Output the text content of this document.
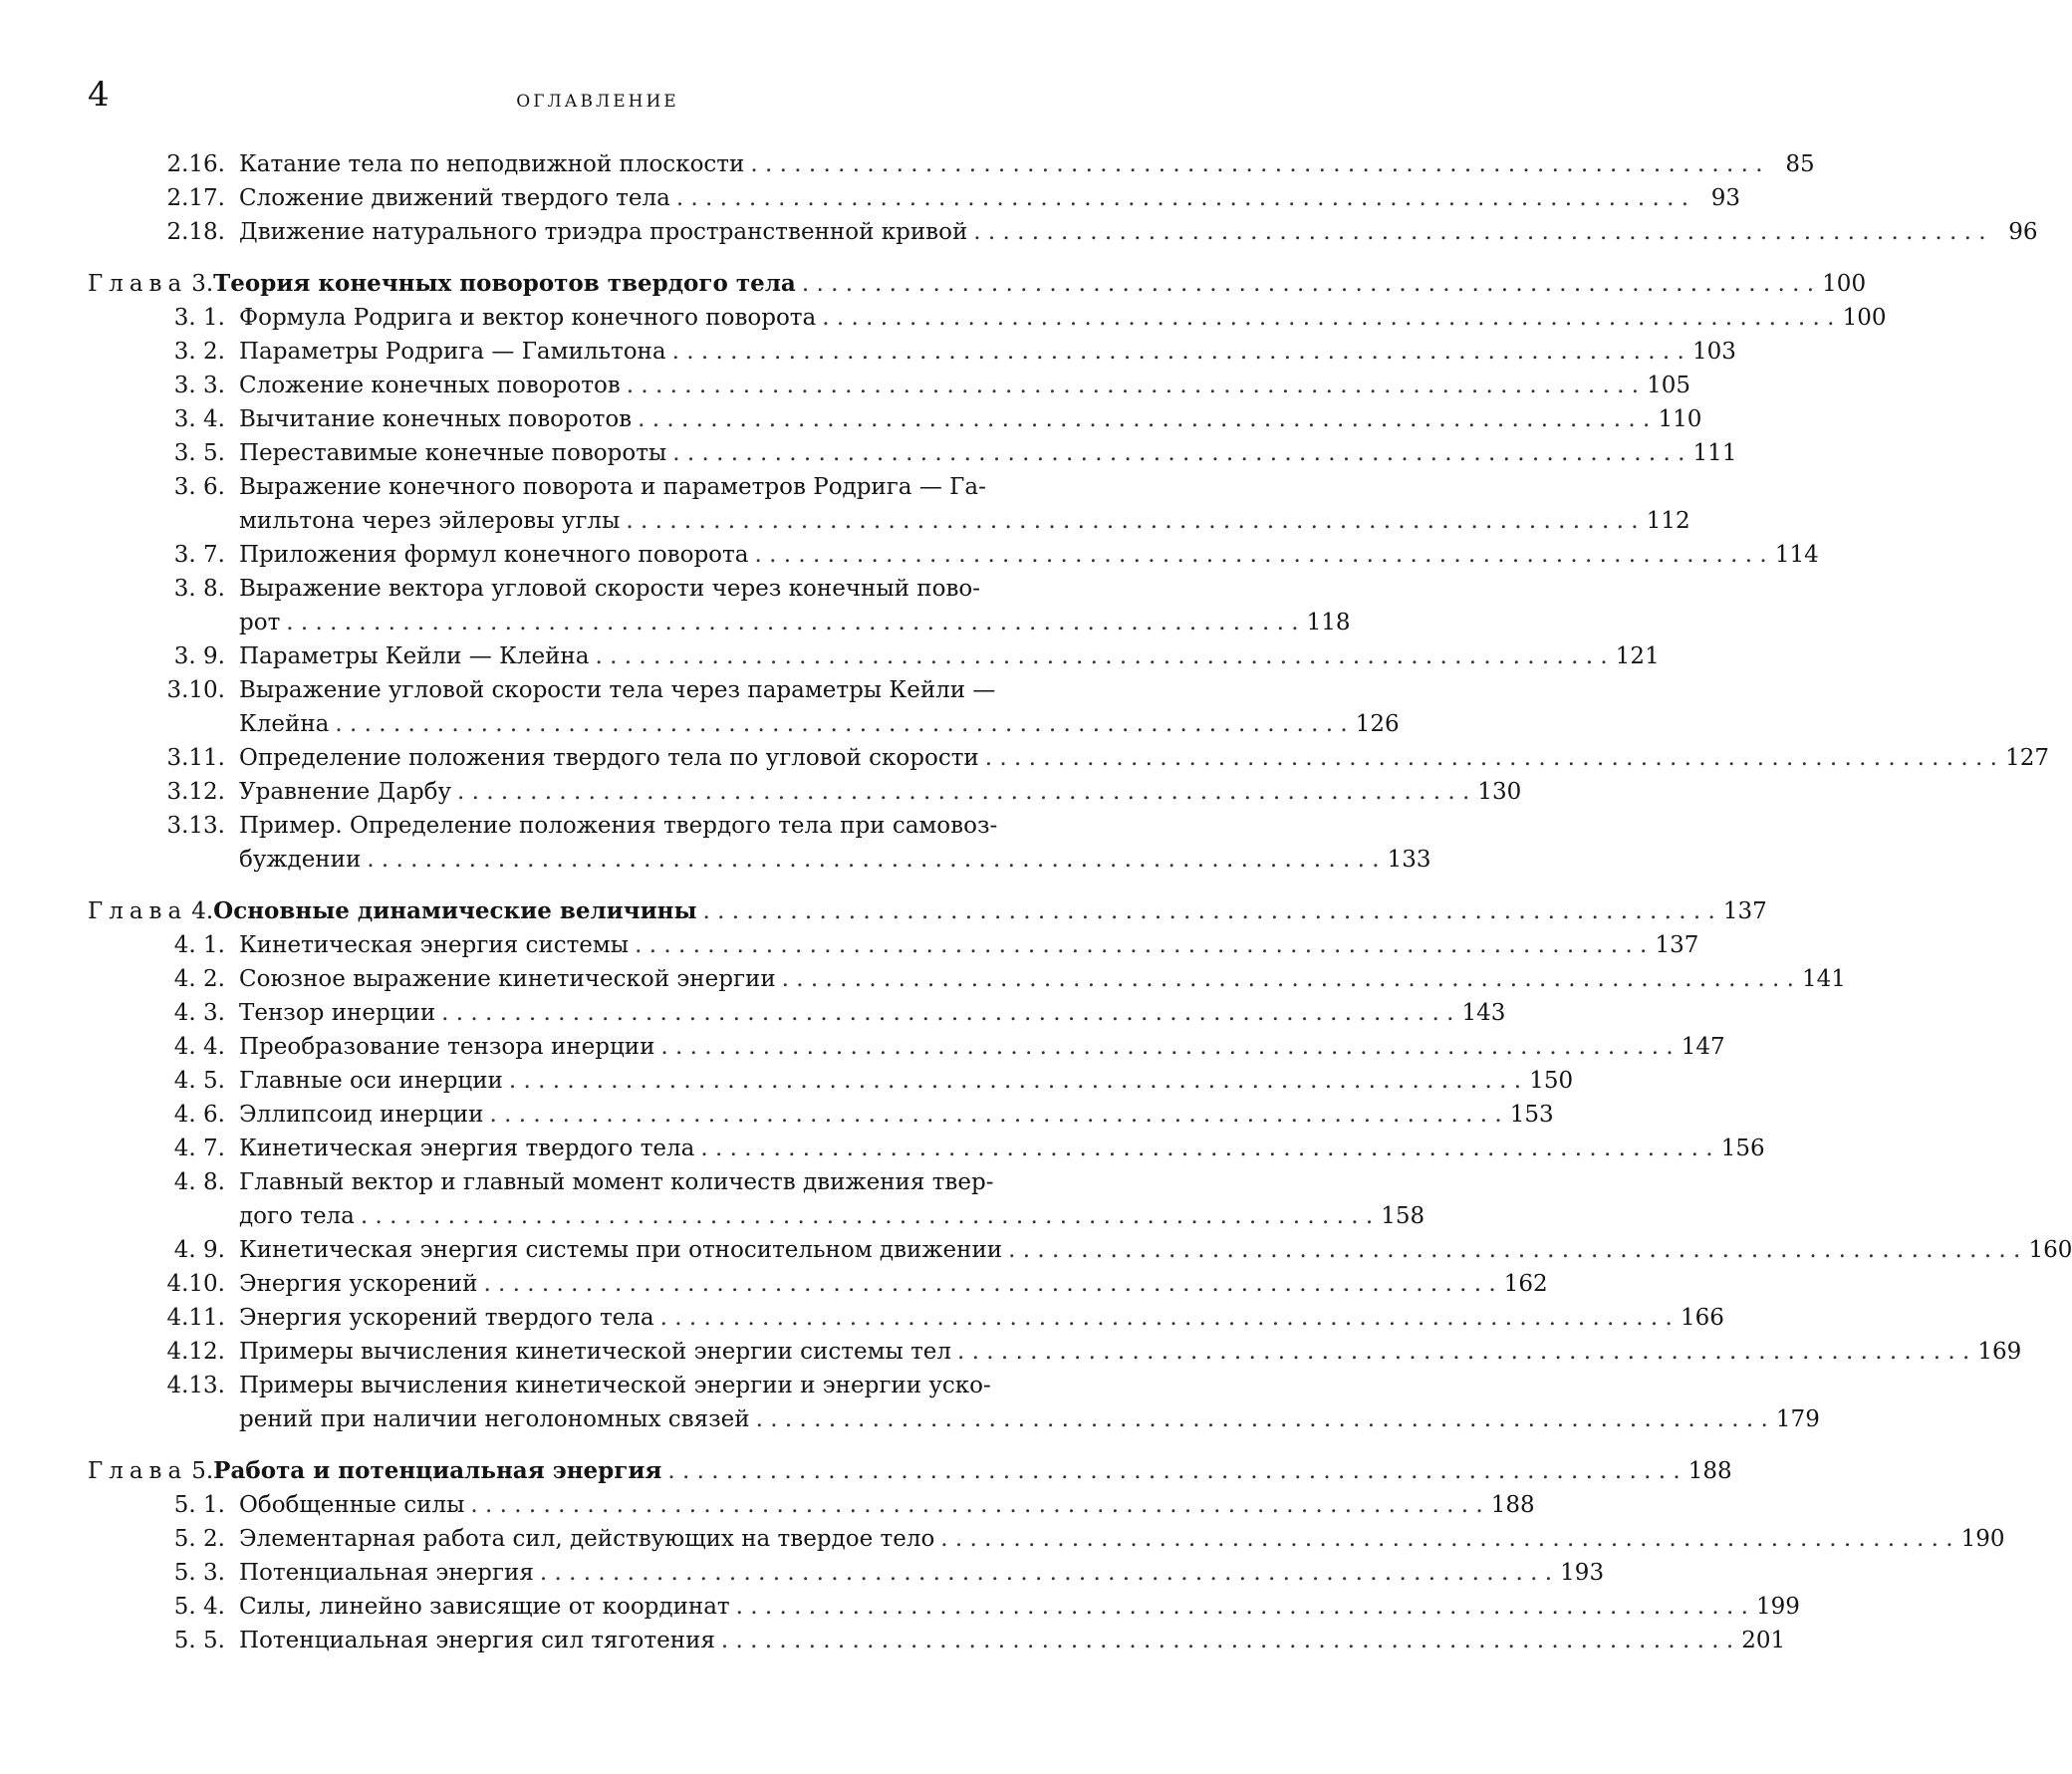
4	ОГЛАВЛЕНИЕ
2.16. Катание тела по неподвижной плоскости . . .	85
2.17. Сложение движений твердого тела . . .	93
2.18. Движение натурального триэдра пространственной кривой . . .	96
Глава 3. Теория конечных поворотов твердого тела . . .	100
3. 1. Формула Родрига и вектор конечного поворота . . .	100
3. 2. Параметры Родрига — Гамильтона . . .	103
3. 3. Сложение конечных поворотов . . .	105
3. 4. Вычитание конечных поворотов . . .	110
3. 5. Переставимые конечные повороты . . .	111
3. 6. Выражение конечного поворота и параметров Родрига — Га-
мильтона через эйлеровы углы . . .	112
3. 7. Приложения формул конечного поворота . . .	114
3. 8. Выражение вектора угловой скорости через конечный пово-
рот . . .	118
3. 9. Параметры Кейли — Клейна . . .	121
3.10. Выражение угловой скорости тела через параметры Кейли —
Клейна . . .	126
3.11. Определение положения твердого тела по угловой скорости . . .	127
3.12. Уравнение Дарбу . . .	130
3.13. Пример. Определение положения твердого тела при самовоз-
буждении . . .	133
Глава 4. Основные динамические величины . . .	137
4. 1. Кинетическая энергия системы . . .	137
4. 2. Союзное выражение кинетической энергии . . .	141
4. 3. Тензор инерции . . .	143
4. 4. Преобразование тензора инерции . . .	147
4. 5. Главные оси инерции . . .	150
4. 6. Эллипсоид инерции . . .	153
4. 7. Кинетическая энергия твердого тела . . .	156
4. 8. Главный вектор и главный момент количеств движения твер-
дого тела . . .	158
4. 9. Кинетическая энергия системы при относительном движении . . .	160
4.10. Энергия ускорений . . .	162
4.11. Энергия ускорений твердого тела . . .	166
4.12. Примеры вычисления кинетической энергии системы тел . . .	169
4.13. Примеры вычисления кинетической энергии и энергии уско-
рений при наличии неголономных связей . . .	179
Глава 5. Работа и потенциальная энергия . . .	188
5. 1. Обобщенные силы . . .	188
5. 2. Элементарная работа сил, действующих на твердое тело . . .	190
5. 3. Потенциальная энергия . . .	193
5. 4. Силы, линейно зависящие от координат . . .	199
5. 5. Потенциальная энергия сил тяготения . . .	201
